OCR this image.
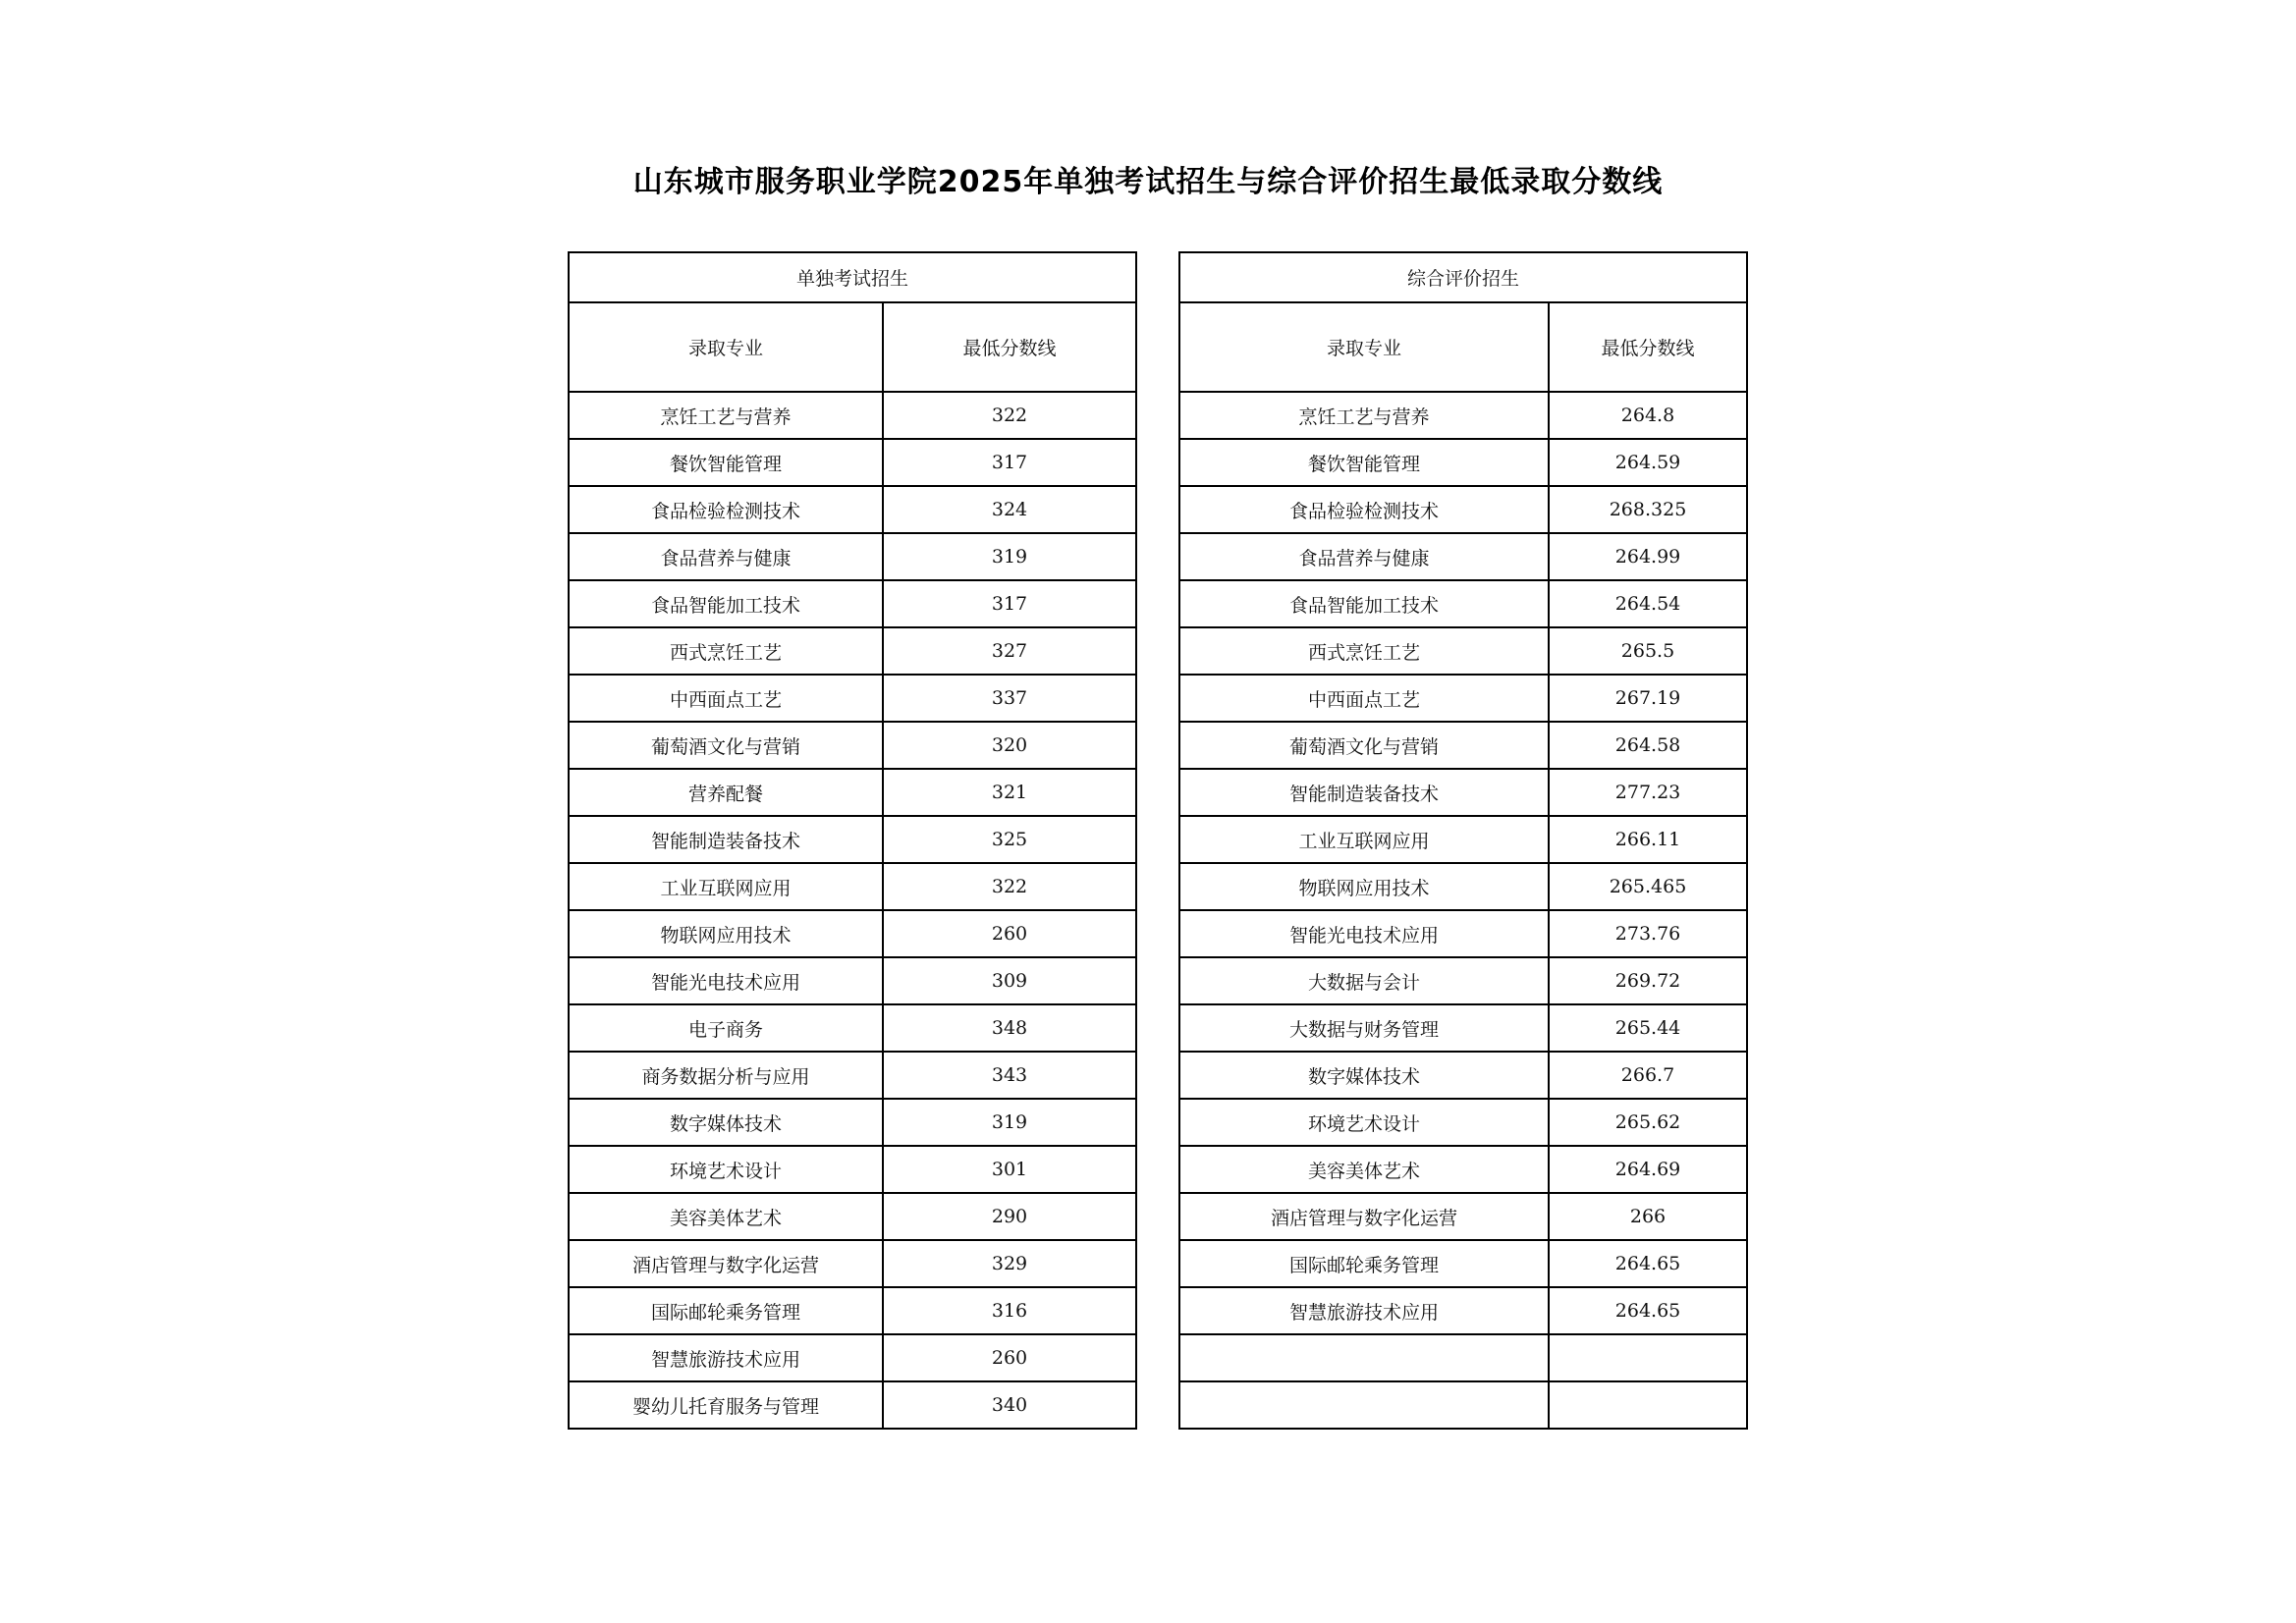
山东城市服务职业学院2025年单独考试招生与综合评价招生最低录取分数线
单独考试招生	
录取专业	最低分数线
烹饪工艺与营养	322
餐饮智能管理	317
食品检验检测技术	324
食品营养与健康	319
食品智能加工技术	317
西式烹饪工艺	327
中西面点工艺	337
葡萄酒文化与营销	320
营养配餐	321
智能制造装备技术	325
工业互联网应用	322
物联网应用技术	260
智能光电技术应用	309
电子商务	348
商务数据分析与应用	343
数字媒体技术	319
环境艺术设计	301
美容美体艺术	290
酒店管理与数字化运营	329
国际邮轮乘务管理	316
智慧旅游技术应用	260
婴幼儿托育服务与管理	340
综合评价招生	
录取专业	最低分数线
烹饪工艺与营养	264.8
餐饮智能管理	264.59
食品检验检测技术	268.325
食品营养与健康	264.99
食品智能加工技术	264.54
西式烹饪工艺	265.5
中西面点工艺	267.19
葡萄酒文化与营销	264.58
智能制造装备技术	277.23
工业互联网应用	266.11
物联网应用技术	265.465
智能光电技术应用	273.76
大数据与会计	269.72
大数据与财务管理	265.44
数字媒体技术	266.7
环境艺术设计	265.62
美容美体艺术	264.69
酒店管理与数字化运营	266
国际邮轮乘务管理	264.65
智慧旅游技术应用	264.65
